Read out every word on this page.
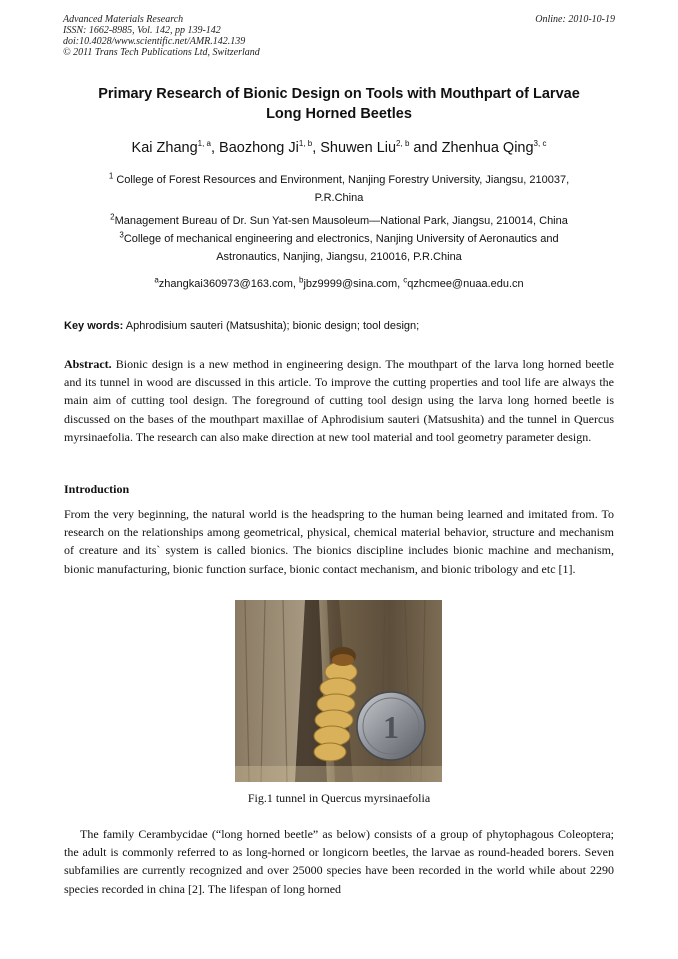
Advanced Materials Research
ISSN: 1662-8985, Vol. 142, pp 139-142
doi:10.4028/www.scientific.net/AMR.142.139
© 2011 Trans Tech Publications Ltd, Switzerland
Online: 2010-10-19
Primary Research of Bionic Design on Tools with Mouthpart of Larvae
Long Horned Beetles
Kai Zhang$^{1, a}$, Baozhong Ji$^{1, b}$, Shuwen Liu$^{2, b}$ and Zhenhua Qing$^{3, c}$
$^1$ College of Forest Resources and Environment, Nanjing Forestry University, Jiangsu, 210037,
P.R.China
$^2$Management Bureau of Dr. Sun Yat-sen Mausoleum—National Park, Jiangsu, 210014, China
$^3$College of mechanical engineering and electronics, Nanjing University of Aeronautics and
Astronautics, Nanjing, Jiangsu, 210016, P.R.China
$^a$zhangkai360973@163.com, $^b$jbz9999@sina.com, $^c$qzhcmee@nuaa.edu.cn
Key words: Aphrodisium sauteri (Matsushita); bionic design; tool design;
Abstract. Bionic design is a new method in engineering design. The mouthpart of the larva long horned beetle and its tunnel in wood are discussed in this article. To improve the cutting properties and tool life are always the main aim of cutting tool design. The foreground of cutting tool design using the larva long horned beetle is discussed on the bases of the mouthpart maxillae of Aphrodisium sauteri (Matsushita) and the tunnel in Quercus myrsinaefolia. The research can also make direction at new tool material and tool geometry parameter design.
Introduction
From the very beginning, the natural world is the headspring to the human being learned and imitated from. To research on the relationships among geometrical, physical, chemical material behavior, structure and mechanism of creature and its` system is called bionics. The bionics discipline includes bionic machine and mechanism, bionic manufacturing, bionic function surface, bionic contact mechanism, and bionic tribology and etc [1].
1
Fig.1 tunnel in Quercus myrsinaefolia
The family Cerambycidae (“long horned beetle” as below) consists of a group of phytophagous Coleoptera; the adult is commonly referred to as long-horned or longicorn beetles, the larvae as round-headed borers. Seven subfamilies are currently recognized and over 25000 species have been recorded in the world while about 2290 species recorded in china [2]. The lifespan of long horned
